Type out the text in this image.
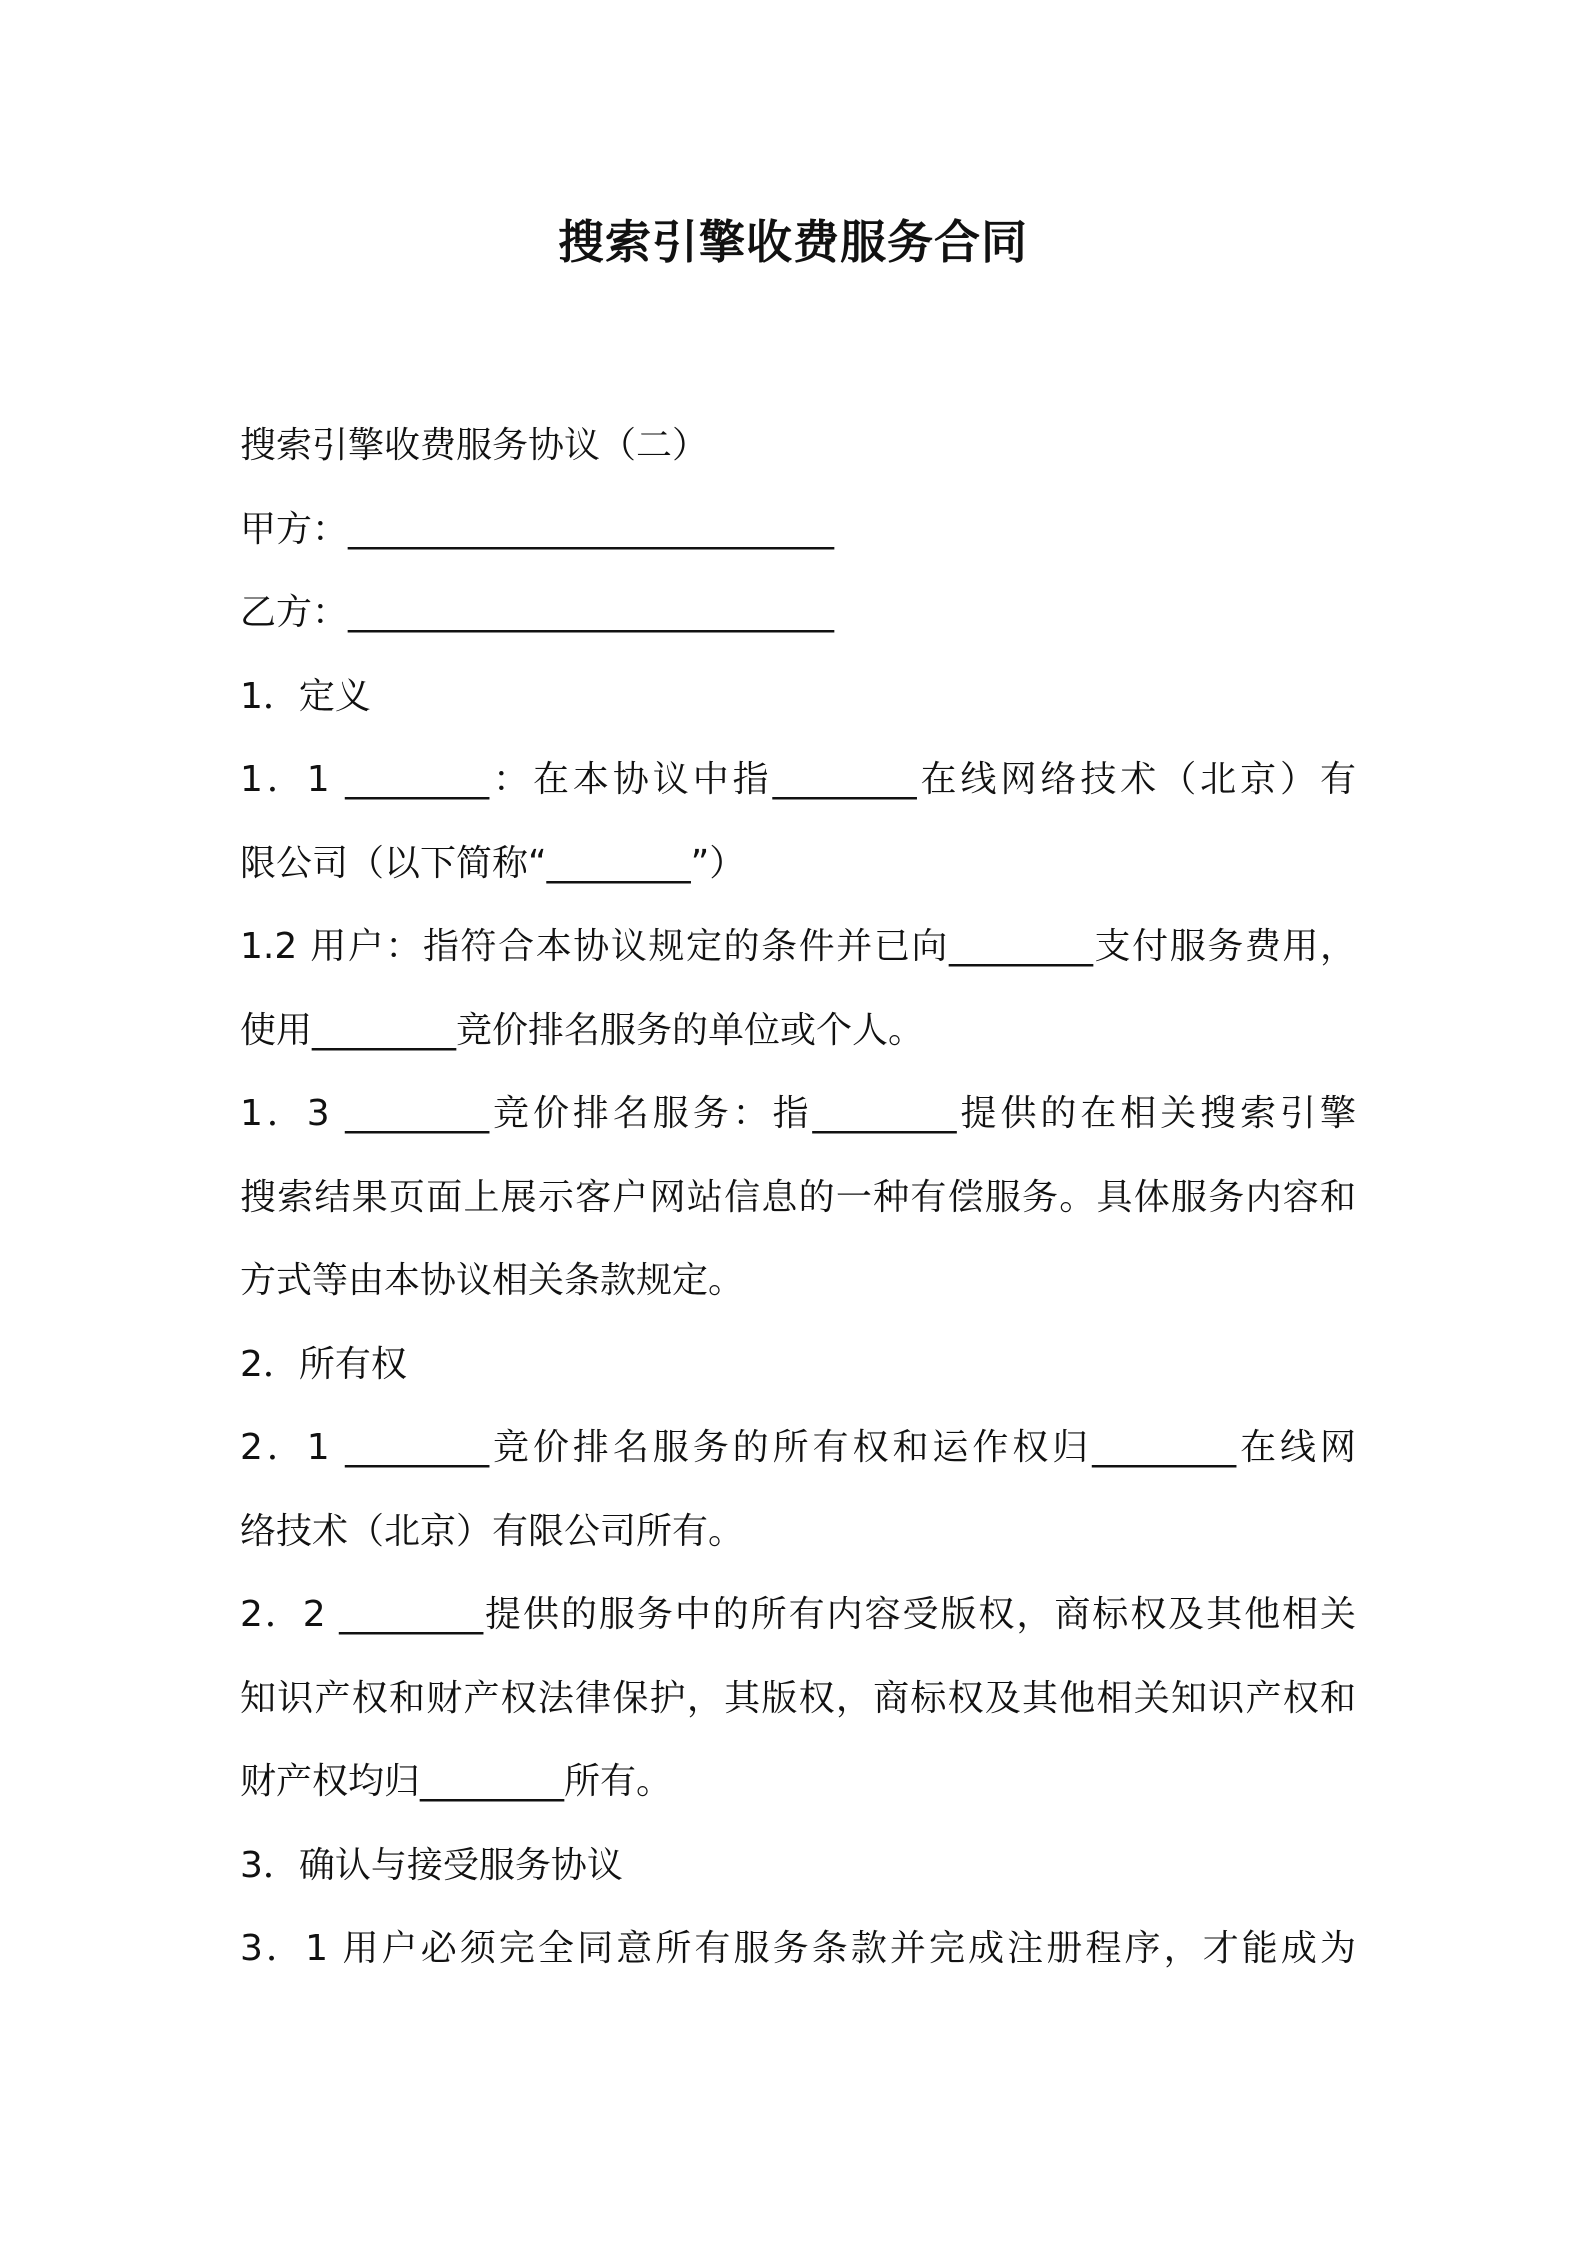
搜索引擎收费服务合同
搜索引擎收费服务协议（二）
甲方：___________________________
乙方：___________________________
1．定义
1．1 ________：在本协议中指________在线网络技术（北京）有
限公司（以下简称“________”）
1.2 用户：指符合本协议规定的条件并已向________支付服务费用，
使用________竞价排名服务的单位或个人。
1．3 ________竞价排名服务：指________提供的在相关搜索引擎
搜索结果页面上展示客户网站信息的一种有偿服务。具体服务内容和
方式等由本协议相关条款规定。
2．所有权
2．1 ________竞价排名服务的所有权和运作权归________在线网
络技术（北京）有限公司所有。
2．2 ________提供的服务中的所有内容受版权，商标权及其他相关
知识产权和财产权法律保护，其版权，商标权及其他相关知识产权和
财产权均归________所有。
3．确认与接受服务协议
3．1 用户必须完全同意所有服务条款并完成注册程序，才能成为
